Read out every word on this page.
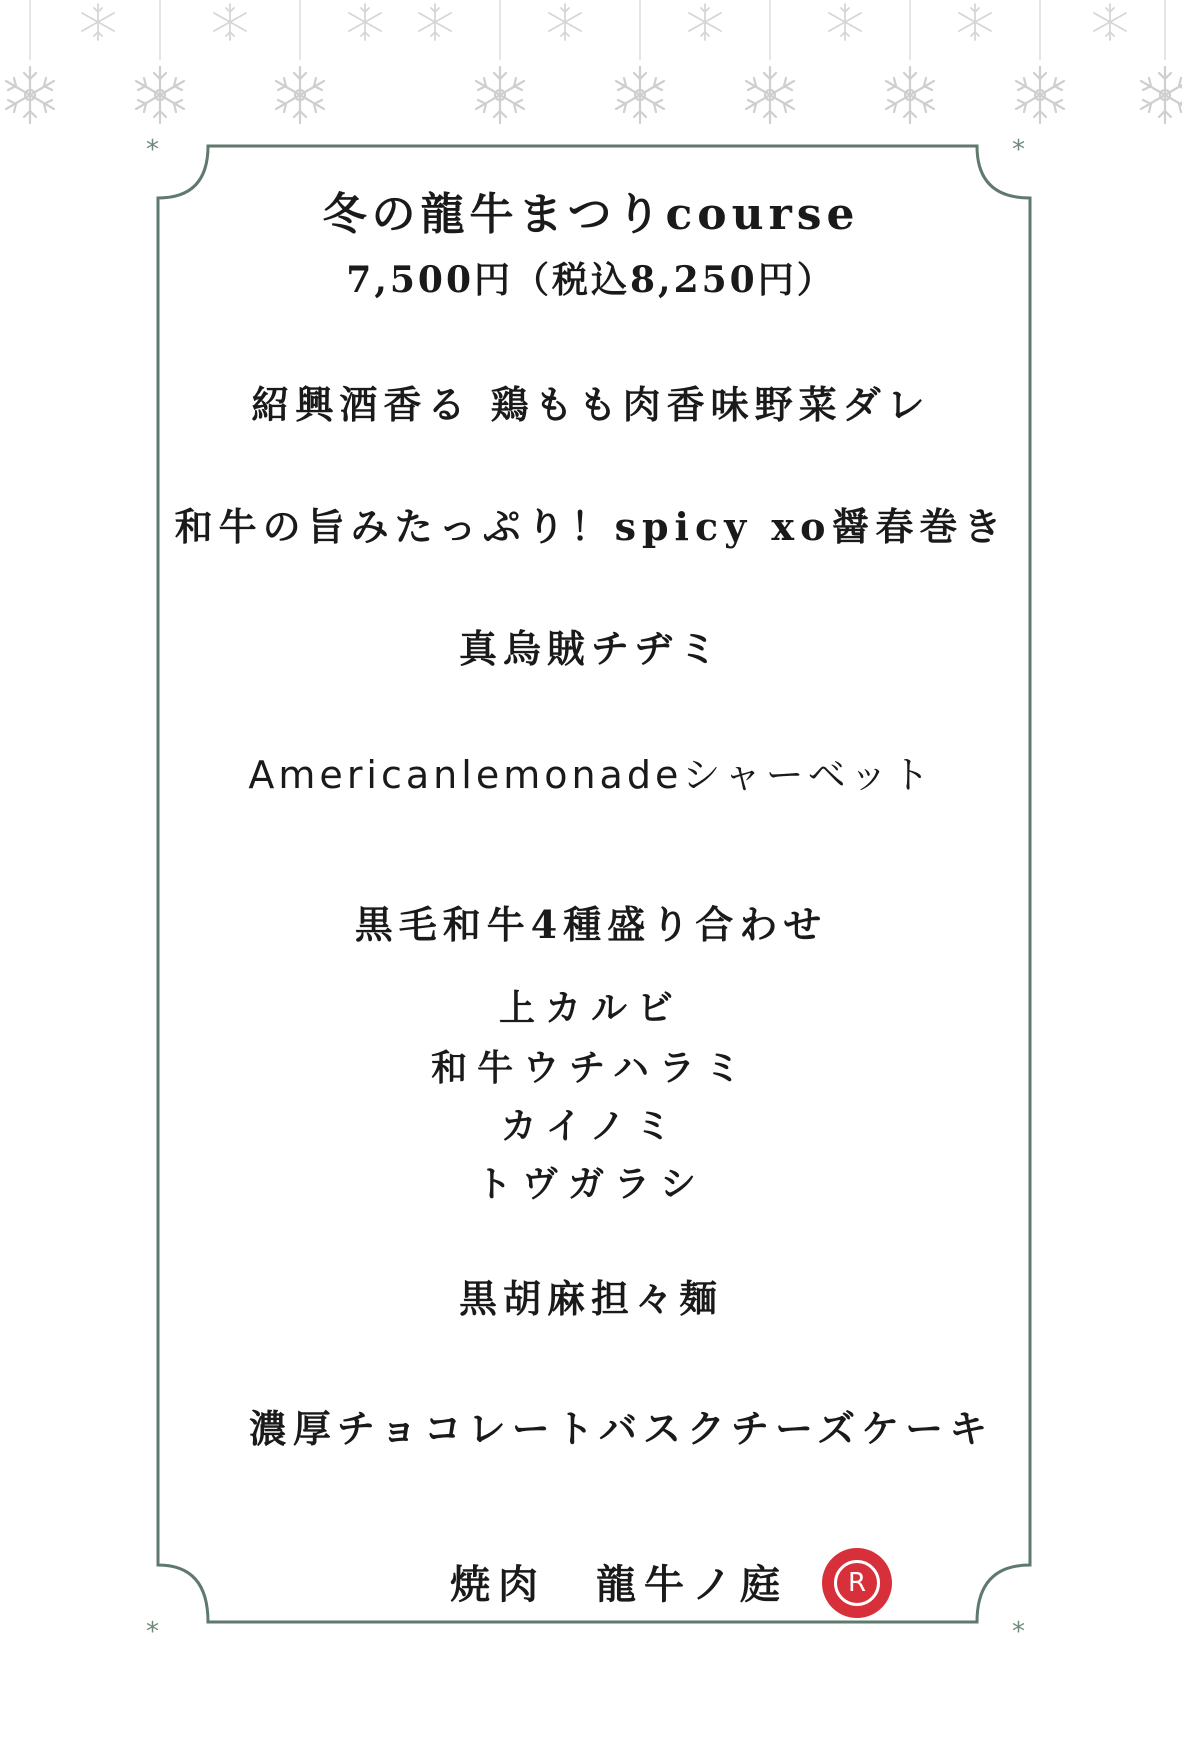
*	*
*	*
冬の龍牛まつりcourse
7,500円（税込8,250円）
紹興酒香る 鶏もも肉香味野菜ダレ
和牛の旨みたっぷり！spicy xo醤春巻き
真烏賊チヂミ
Americanlemonadeシャーベット
黒毛和牛4種盛り合わせ
上カルビ
和牛ウチハラミ
カイノミ
トヴガラシ
黒胡麻担々麺
濃厚チョコレートバスクチーズケーキ
焼肉 龍牛ノ庭	R
